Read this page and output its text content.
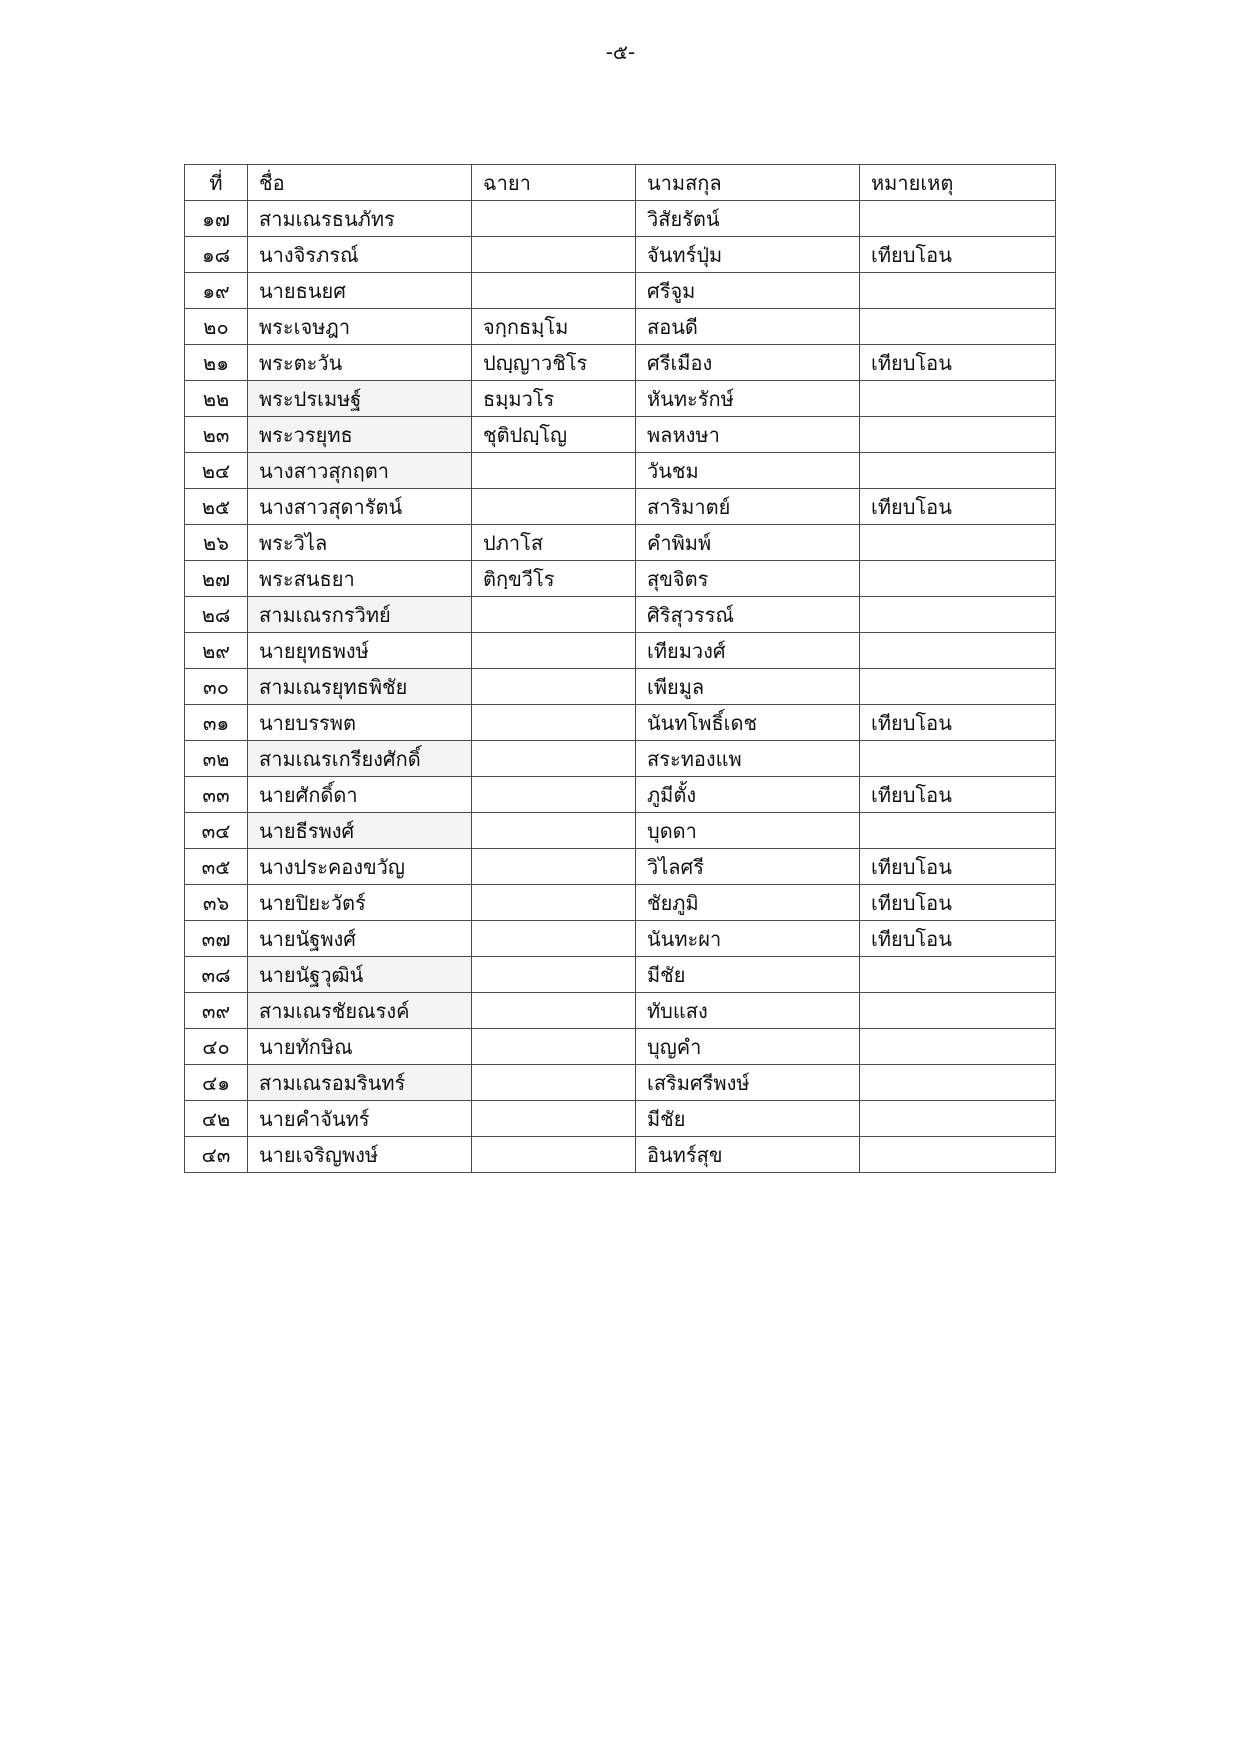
-๕-
ที่	ชื่อ	ฉายา	นามสกุล	หมายเหตุ
๑๗	สามเณรธนภัทร		วิสัยรัตน์	
๑๘	นางจิรภรณ์		จันทร์ปุ่ม	เทียบโอน
๑๙	นายธนยศ		ศรีจูม	
๒๐	พระเจษฎา	จกฺกธมฺโม	สอนดี	
๒๑	พระตะวัน	ปญฺญาวชิโร	ศรีเมือง	เทียบโอน
๒๒	พระปรเมษฐ์	ธมฺมวโร	หันทะรักษ์	
๒๓	พระวรยุทธ	ชุติปญฺโญ	พลหงษา	
๒๔	นางสาวสุกฤตา		วันชม	
๒๕	นางสาวสุดารัตน์		สาริมาตย์	เทียบโอน
๒๖	พระวิไล	ปภาโส	คำพิมพ์	
๒๗	พระสนธยา	ติกฺขวีโร	สุขจิตร	
๒๘	สามเณรกรวิทย์		ศิริสุวรรณ์	
๒๙	นายยุทธพงษ์		เทียมวงศ์	
๓๐	สามเณรยุทธพิชัย		เพียมูล	
๓๑	นายบรรพต		นันทโพธิ์เดช	เทียบโอน
๓๒	สามเณรเกรียงศักดิ์		สระทองแพ	
๓๓	นายศักดิ์ดา		ภูมีตั้ง	เทียบโอน
๓๔	นายธีรพงศ์		บุดดา	
๓๕	นางประคองขวัญ		วิไลศรี	เทียบโอน
๓๖	นายปิยะวัตร์		ชัยภูมิ	เทียบโอน
๓๗	นายนัฐพงศ์		นันทะผา	เทียบโอน
๓๘	นายนัฐวุฒิน์		มีชัย	
๓๙	สามเณรชัยณรงค์		ทับแสง	
๔๐	นายทักษิณ		บุญคำ	
๔๑	สามเณรอมรินทร์		เสริมศรีพงษ์	
๔๒	นายคำจันทร์		มีชัย	
๔๓	นายเจริญพงษ์		อินทร์สุข	
